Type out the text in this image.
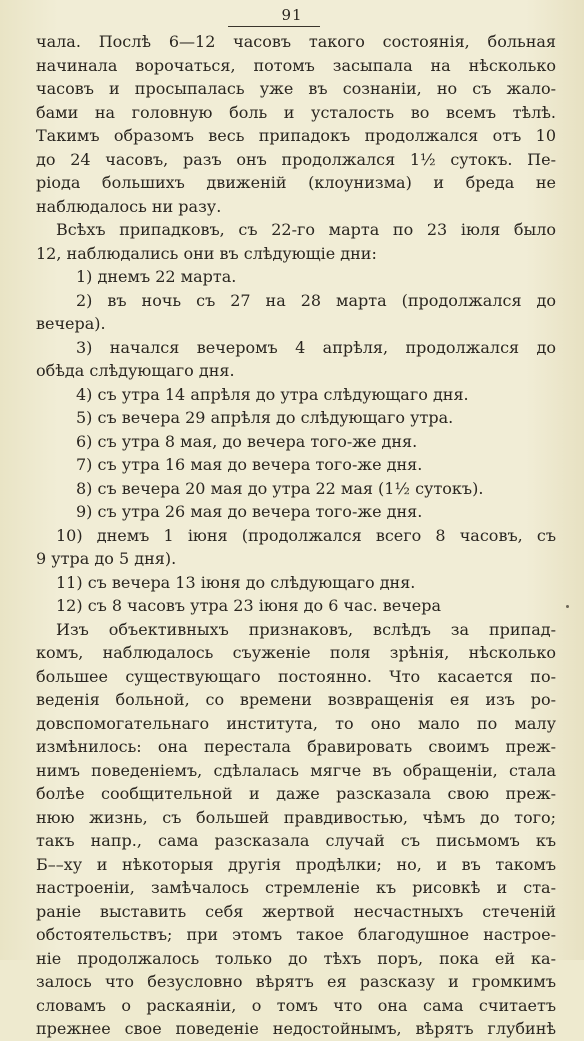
91
чала. Послѣ 6—12 часовъ такого состоянія, больная
начинала ворочаться, потомъ засыпала на нѣсколько
часовъ и просыпалась уже въ сознаніи, но съ жало-
бами на головную боль и усталость во всемъ тѣлѣ.
Такимъ образомъ весь припадокъ продолжался отъ 10
до 24 часовъ, разъ онъ продолжался 1½ сутокъ. Пе-
ріода большихъ движеній (клоунизма) и бреда не
наблюдалось ни разу.
Всѣхъ припадковъ, съ 22-го марта по 23 іюля было
12, наблюдались они въ слѣдующіе дни:
1) днемъ 22 марта.
2) въ ночь съ 27 на 28 марта (продолжался до
вечера).
3) начался вечеромъ 4 апрѣля, продолжался до
обѣда слѣдующаго дня.
4) съ утра 14 апрѣля до утра слѣдующаго дня.
5) съ вечера 29 апрѣля до слѣдующаго утра.
6) съ утра 8 мая, до вечера того-же дня.
7) съ утра 16 мая до вечера того-же дня.
8) съ вечера 20 мая до утра 22 мая (1½ сутокъ).
9) съ утра 26 мая до вечера того-же дня.
10) днемъ 1 іюня (продолжался всего 8 часовъ, съ
9 утра до 5 дня).
11) съ вечера 13 іюня до слѣдующаго дня.
12) съ 8 часовъ утра 23 іюня до 6 час. вечера
Изъ объективныхъ признаковъ, вслѣдъ за припад-
комъ, наблюдалось съуженіе поля зрѣнія, нѣсколько
большее существующаго постоянно. Что касается по-
веденія больной, со времени возвращенія ея изъ ро-
довспомогательнаго института, то оно мало по малу
измѣнилось: она перестала бравировать своимъ преж-
нимъ поведеніемъ, сдѣлалась мягче въ обращеніи, стала
болѣе сообщительной и даже разсказала свою преж-
нюю жизнь, съ большей правдивостью, чѣмъ до того;
такъ напр., сама разсказала случай съ письмомъ къ
Б––ху и нѣкоторыя другія продѣлки; но, и въ такомъ
настроеніи, замѣчалось стремленіе къ рисовкѣ и ста-
раніе выставить себя жертвой несчастныхъ стеченій
обстоятельствъ; при этомъ такое благодушное настрое-
ніе продолжалось только до тѣхъ поръ, пока ей ка-
залось что безусловно вѣрятъ ея разсказу и громкимъ
словамъ о раскаяніи, о томъ что она сама считаетъ
прежнее свое поведеніе недостойнымъ, вѣрятъ глубинѣ
